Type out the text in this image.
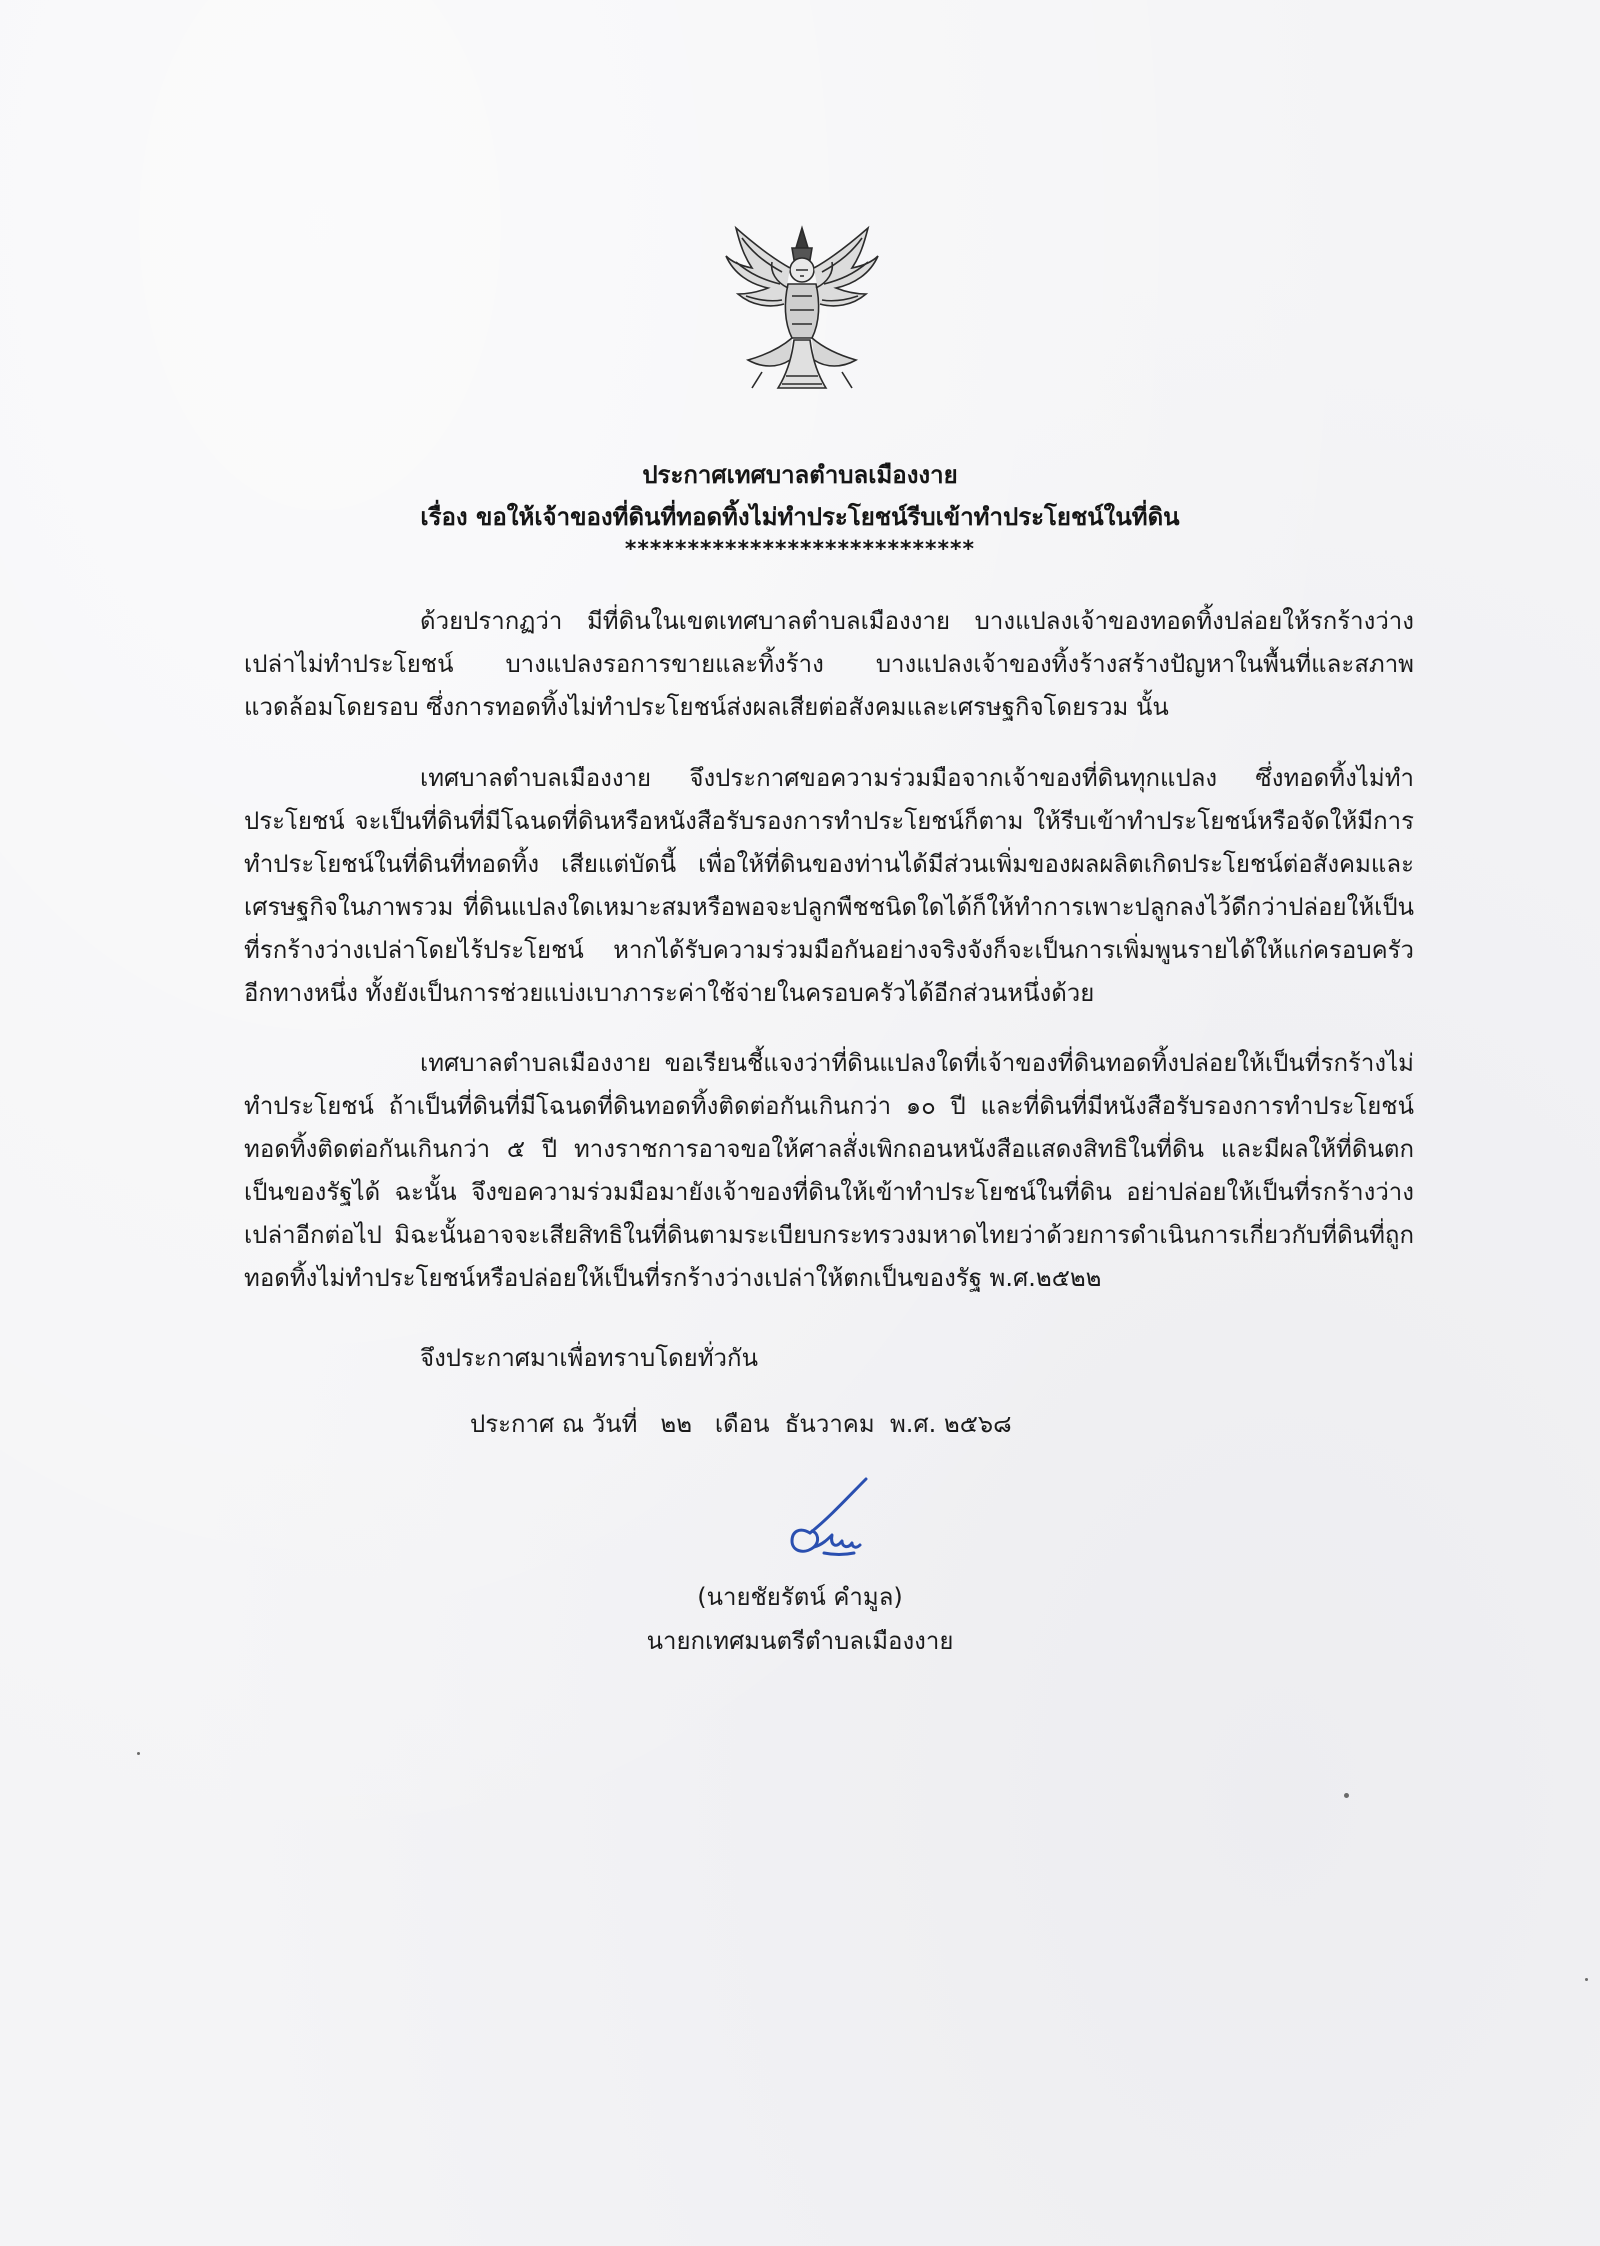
ประกาศเทศบาลตำบลเมืองงาย
เรื่อง ขอให้เจ้าของที่ดินที่ทอดทิ้งไม่ทำประโยชน์รีบเข้าทำประโยชน์ในที่ดิน
****************************

ด้วยปรากฏว่า มีที่ดินในเขตเทศบาลตำบลเมืองงาย บางแปลงเจ้าของทอดทิ้งปล่อยให้รกร้างว่างเปล่าไม่ทำประโยชน์ บางแปลงรอการขายและทิ้งร้าง บางแปลงเจ้าของทิ้งร้างสร้างปัญหาในพื้นที่และสภาพแวดล้อมโดยรอบ ซึ่งการทอดทิ้งไม่ทำประโยชน์ส่งผลเสียต่อสังคมและเศรษฐกิจโดยรวม นั้น

เทศบาลตำบลเมืองงาย จึงประกาศขอความร่วมมือจากเจ้าของที่ดินทุกแปลง ซึ่งทอดทิ้งไม่ทำประโยชน์ จะเป็นที่ดินที่มีโฉนดที่ดินหรือหนังสือรับรองการทำประโยชน์ก็ตาม ให้รีบเข้าทำประโยชน์หรือจัดให้มีการทำประโยชน์ในที่ดินที่ทอดทิ้ง เสียแต่บัดนี้ เพื่อให้ที่ดินของท่านได้มีส่วนเพิ่มของผลผลิตเกิดประโยชน์ต่อสังคมและเศรษฐกิจในภาพรวม ที่ดินแปลงใดเหมาะสมหรือพอจะปลูกพืชชนิดใดได้ก็ให้ทำการเพาะปลูกลงไว้ดีกว่าปล่อยให้เป็นที่รกร้างว่างเปล่าโดยไร้ประโยชน์ หากได้รับความร่วมมือกันอย่างจริงจังก็จะเป็นการเพิ่มพูนรายได้ให้แก่ครอบครัวอีกทางหนึ่ง ทั้งยังเป็นการช่วยแบ่งเบาภาระค่าใช้จ่ายในครอบครัวได้อีกส่วนหนึ่งด้วย

เทศบาลตำบลเมืองงาย ขอเรียนชี้แจงว่าที่ดินแปลงใดที่เจ้าของที่ดินทอดทิ้งปล่อยให้เป็นที่รกร้างไม่ทำประโยชน์ ถ้าเป็นที่ดินที่มีโฉนดที่ดินทอดทิ้งติดต่อกันเกินกว่า ๑๐ ปี และที่ดินที่มีหนังสือรับรองการทำประโยชน์ทอดทิ้งติดต่อกันเกินกว่า ๕ ปี ทางราชการอาจขอให้ศาลสั่งเพิกถอนหนังสือแสดงสิทธิในที่ดิน และมีผลให้ที่ดินตกเป็นของรัฐได้ ฉะนั้น จึงขอความร่วมมือมายังเจ้าของที่ดินให้เข้าทำประโยชน์ในที่ดิน อย่าปล่อยให้เป็นที่รกร้างว่างเปล่าอีกต่อไป มิฉะนั้นอาจจะเสียสิทธิในที่ดินตามระเบียบกระทรวงมหาดไทยว่าด้วยการดำเนินการเกี่ยวกับที่ดินที่ถูกทอดทิ้งไม่ทำประโยชน์หรือปล่อยให้เป็นที่รกร้างว่างเปล่าให้ตกเป็นของรัฐ พ.ศ.๒๕๒๒

จึงประกาศมาเพื่อทราบโดยทั่วกัน
ประกาศ ณ วันที่ ๒๒ เดือน ธันวาคม พ.ศ. ๒๕๖๘
(นายชัยรัตน์ คำมูล)
นายกเทศมนตรีตำบลเมืองงาย
